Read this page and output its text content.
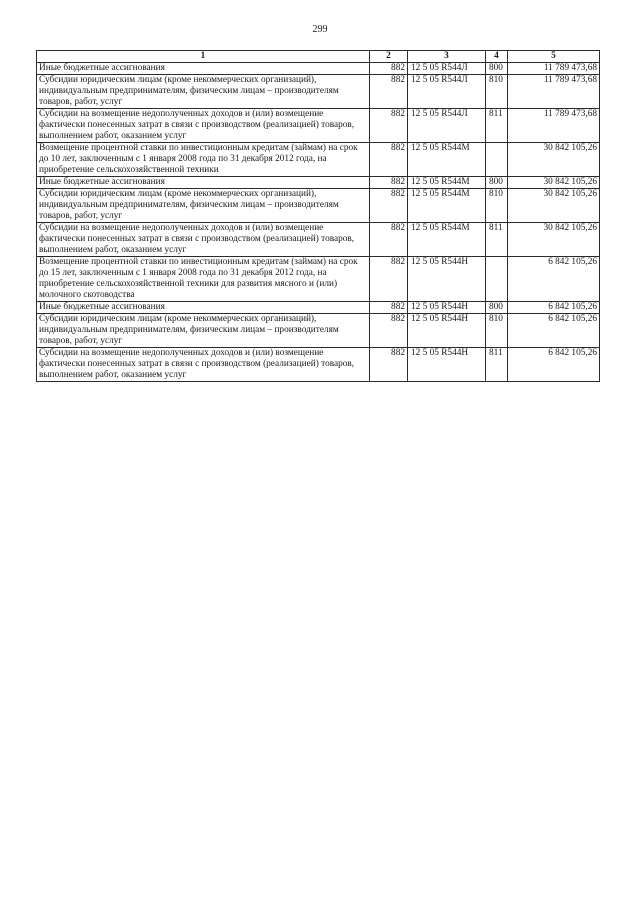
299
1	2	3	4	5
Иные бюджетные ассигнования	882	12 5 05 R544Л	800	11 789 473,68
Субсидии юридическим лицам (кроме некоммерческих организаций), индивидуальным предпринимателям, физическим лицам – производителям товаров, работ, услуг	882	12 5 05 R544Л	810	11 789 473,68
Субсидии на возмещение недополученных доходов и (или) возмещение фактически понесенных затрат в связи с производством (реализацией) товаров, выполнением работ, оказанием услуг	882	12 5 05 R544Л	811	11 789 473,68
Возмещение процентной ставки по инвестиционным кредитам (займам) на срок до 10 лет, заключенным с 1 января 2008 года по 31 декабря 2012 года, на приобретение сельскохозяйственной техники	882	12 5 05 R544M		30 842 105,26
Иные бюджетные ассигнования	882	12 5 05 R544M	800	30 842 105,26
Субсидии юридическим лицам (кроме некоммерческих организаций), индивидуальным предпринимателям, физическим лицам – производителям товаров, работ, услуг	882	12 5 05 R544M	810	30 842 105,26
Субсидии на возмещение недополученных доходов и (или) возмещение фактически понесенных затрат в связи с производством (реализацией) товаров, выполнением работ, оказанием услуг	882	12 5 05 R544M	811	30 842 105,26
Возмещение процентной ставки по инвестиционным кредитам (займам) на срок до 15 лет, заключенным с 1 января 2008 года по 31 декабря 2012 года, на приобретение сельскохозяйственной техники для развития мясного и (или) молочного скотоводства	882	12 5 05 R544H		6 842 105,26
Иные бюджетные ассигнования	882	12 5 05 R544H	800	6 842 105,26
Субсидии юридическим лицам (кроме некоммерческих организаций), индивидуальным предпринимателям, физическим лицам – производителям товаров, работ, услуг	882	12 5 05 R544H	810	6 842 105,26
Субсидии на возмещение недополученных доходов и (или) возмещение фактически понесенных затрат в связи с производством (реализацией) товаров, выполнением работ, оказанием услуг	882	12 5 05 R544H	811	6 842 105,26
